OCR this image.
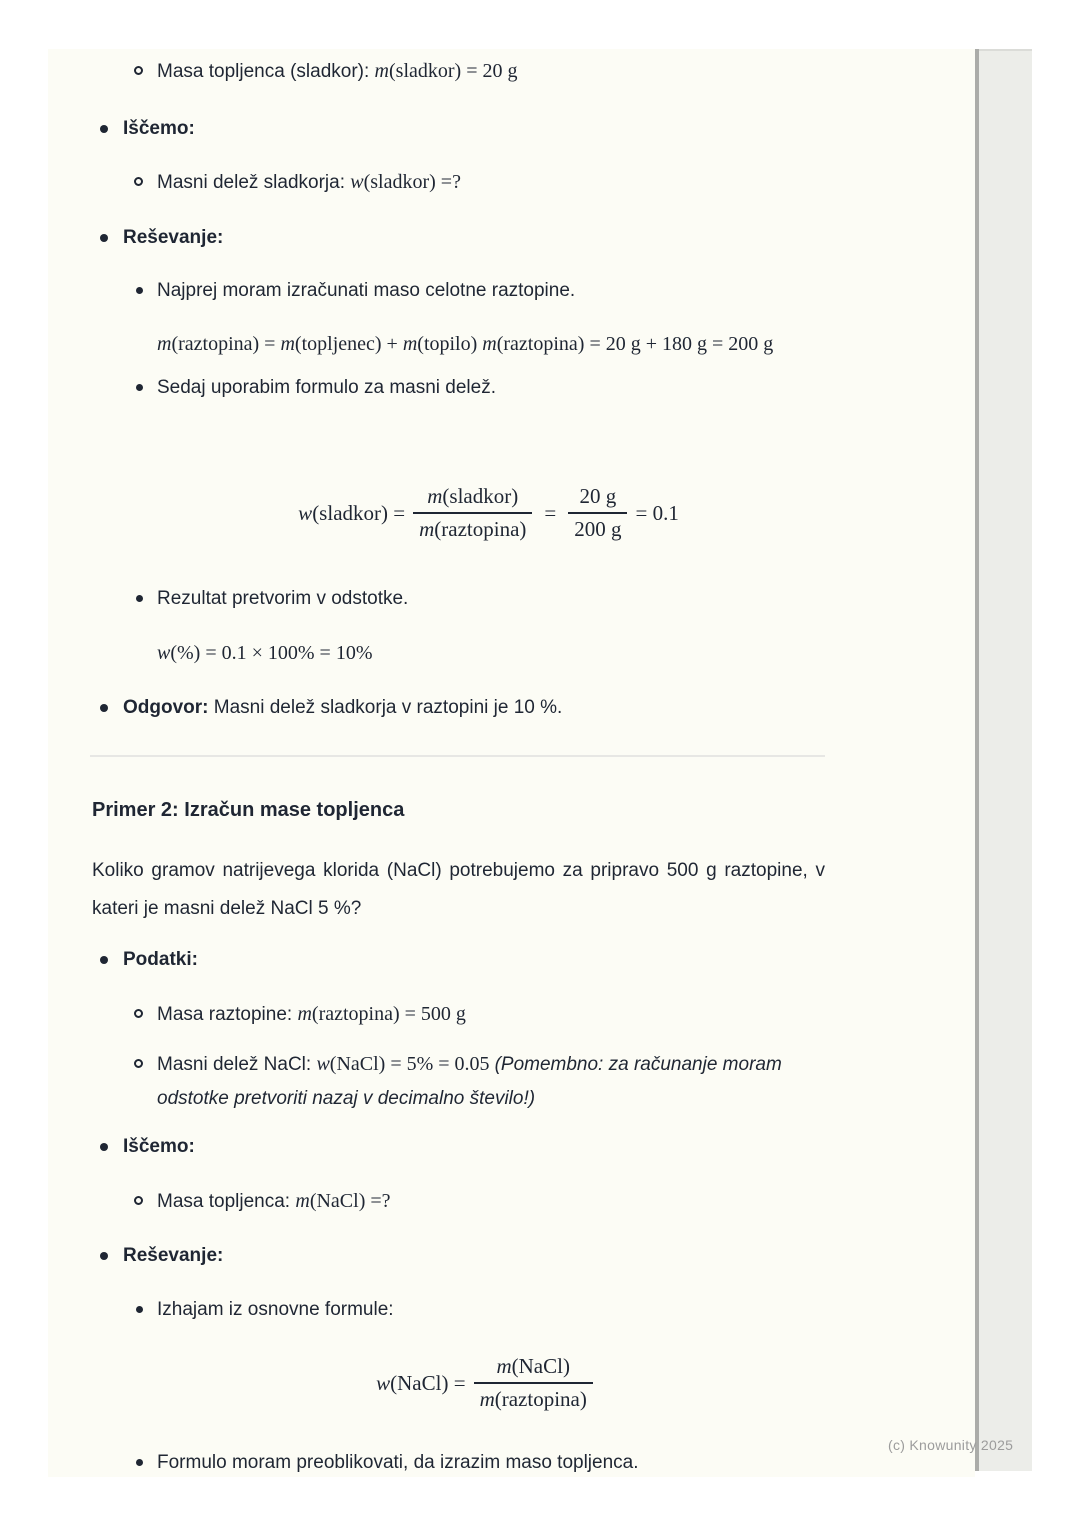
Masa topljenca (sladkor): m(sladkor) = 20 g
Iščemo:
Masni delež sladkorja: w(sladkor) =?
Reševanje:
Najprej moram izračunati maso celotne raztopine.
m(raztopina) = m(topljenec) + m(topilo) m(raztopina) = 20 g + 180 g = 200 g
Sedaj uporabim formulo za masni delež.
w(sladkor) = $\frac{\text{m(sladkor)}}{\text{m(raztopina)}} = \frac{20 g}{200 g} = 0.1$
Rezultat pretvorim v odstotke.
w(%) = 0.1 × 100% = 10%
Odgovor: Masni delež sladkorja v raztopini je 10 %.
Primer 2: Izračun mase topljenca
Koliko gramov natrijevega klorida (NaCl) potrebujemo za pripravo 500 g raztopine, v kateri je masni delež NaCl 5 %?
Podatki:
Masa raztopine: m(raztopina) = 500 g
Masni delež NaCl: w(NaCl) = 5% = 0.05 (Pomembno: za računanje moram odstotke pretvoriti nazaj v decimalno število!)
Iščemo:
Masa topljenca: m(NaCl) =?
Reševanje:
Izhajam iz osnovne formule:
w(NaCl) = $\frac{\text{m(NaCl)}}{\text{m(raztopina)}}$
Formulo moram preoblikovati, da izrazim maso topljenca.
(c) Knowunity 2025
